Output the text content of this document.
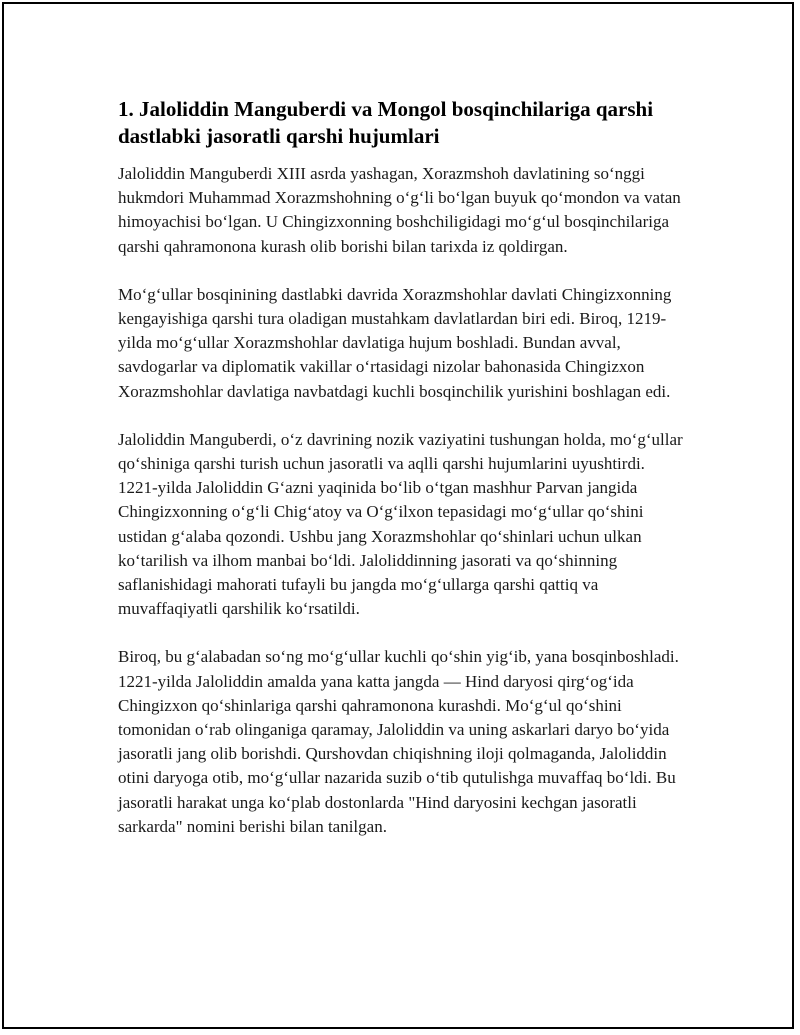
1. Jaloliddin Manguberdi va Mongol bosqinchilariga qarshi dastlabki jasoratli qarshi hujumlari

Jaloliddin Manguberdi XIII asrda yashagan, Xorazmshoh davlatining so‘nggi hukmdori Muhammad Xorazmshohning o‘g‘li bo‘lgan buyuk qo‘mondon va vatan himoyachisi bo‘lgan. U Chingizxonning boshchiligidagi mo‘g‘ul bosqinchilariga qarshi qahramonona kurash olib borishi bilan tarixda iz qoldirgan.

Mo‘g‘ullar bosqinining dastlabki davrida Xorazmshohlar davlati Chingizxonning kengayishiga qarshi tura oladigan mustahkam davlatlardan biri edi. Biroq, 1219-yilda mo‘g‘ullar Xorazmshohlar davlatiga hujum boshladi. Bundan avval, savdogarlar va diplomatik vakillar o‘rtasidagi nizolar bahonasida Chingizxon Xorazmshohlar davlatiga navbatdagi kuchli bosqinchilik yurishini boshlagan edi.

Jaloliddin Manguberdi, o‘z davrining nozik vaziyatini tushungan holda, mo‘g‘ullar qo‘shiniga qarshi turish uchun jasoratli va aqlli qarshi hujumlarini uyushtirdi. 1221-yilda Jaloliddin G‘azni yaqinida bo‘lib o‘tgan mashhur Parvan jangida Chingizxonning o‘g‘li Chig‘atoy va O‘g‘ilxon tepasidagi mo‘g‘ullar qo‘shini ustidan g‘alaba qozondi. Ushbu jang Xorazmshohlar qo‘shinlari uchun ulkan ko‘tarilish va ilhom manbai bo‘ldi. Jaloliddinning jasorati va qo‘shinning saflanishidagi mahorati tufayli bu jangda mo‘g‘ullarga qarshi qattiq va muvaffaqiyatli qarshilik ko‘rsatildi.

Biroq, bu g‘alabadan so‘ng mo‘g‘ullar kuchli qo‘shin yig‘ib, yana bosqinboshladi. 1221-yilda Jaloliddin amalda yana katta jangda — Hind daryosi qirg‘og‘ida Chingizxon qo‘shinlariga qarshi qahramonona kurashdi. Mo‘g‘ul qo‘shini tomonidan o‘rab olinganiga qaramay, Jaloliddin va uning askarlari daryo bo‘yida jasoratli jang olib borishdi. Qurshovdan chiqishning iloji qolmaganda, Jaloliddin otini daryoga otib, mo‘g‘ullar nazarida suzib o‘tib qutulishga muvaffaq bo‘ldi. Bu jasoratli harakat unga ko‘plab dostonlarda "Hind daryosini kechgan jasoratli sarkarda" nomini berishi bilan tanilgan.
